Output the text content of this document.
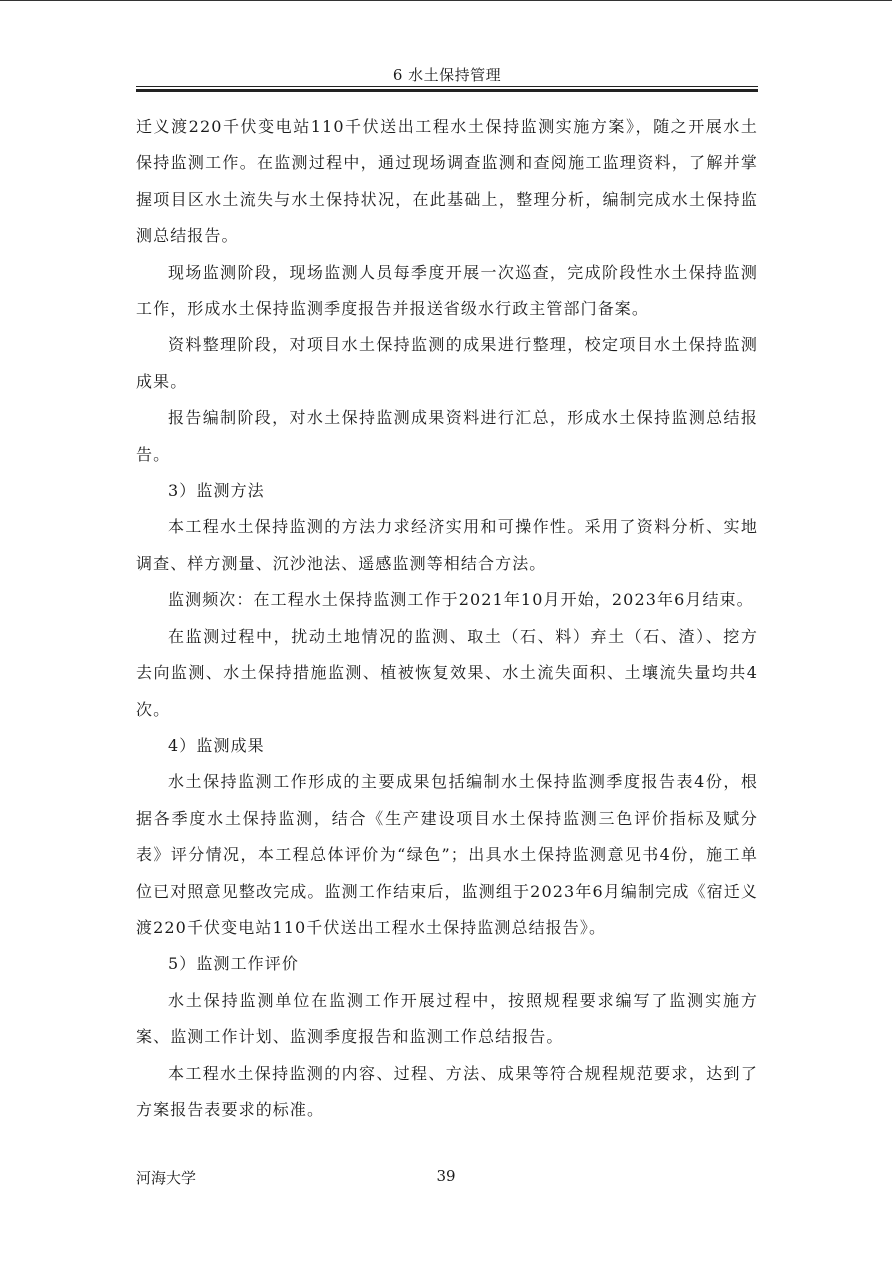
6 水土保持管理

迁义渡220千伏变电站110千伏送出工程水土保持监测实施方案》，随之开展水土保持监测工作。在监测过程中，通过现场调查监测和查阅施工监理资料，了解并掌握项目区水土流失与水土保持状况，在此基础上，整理分析，编制完成水土保持监测总结报告。

现场监测阶段，现场监测人员每季度开展一次巡查，完成阶段性水土保持监测工作，形成水土保持监测季度报告并报送省级水行政主管部门备案。

资料整理阶段，对项目水土保持监测的成果进行整理，校定项目水土保持监测成果。

报告编制阶段，对水土保持监测成果资料进行汇总，形成水土保持监测总结报告。

3）监测方法

本工程水土保持监测的方法力求经济实用和可操作性。采用了资料分析、实地调查、样方测量、沉沙池法、遥感监测等相结合方法。

监测频次：在工程水土保持监测工作于2021年10月开始，2023年6月结束。

在监测过程中，扰动土地情况的监测、取土（石、料）弃土（石、渣）、挖方去向监测、水土保持措施监测、植被恢复效果、水土流失面积、土壤流失量均共4次。

4）监测成果

水土保持监测工作形成的主要成果包括编制水土保持监测季度报告表4份，根据各季度水土保持监测，结合《生产建设项目水土保持监测三色评价指标及赋分表》评分情况，本工程总体评价为“绿色”；出具水土保持监测意见书4份，施工单位已对照意见整改完成。监测工作结束后，监测组于2023年6月编制完成《宿迁义渡220千伏变电站110千伏送出工程水土保持监测总结报告》。

5）监测工作评价

水土保持监测单位在监测工作开展过程中，按照规程要求编写了监测实施方案、监测工作计划、监测季度报告和监测工作总结报告。

本工程水土保持监测的内容、过程、方法、成果等符合规程规范要求，达到了方案报告表要求的标准。

河海大学	39
